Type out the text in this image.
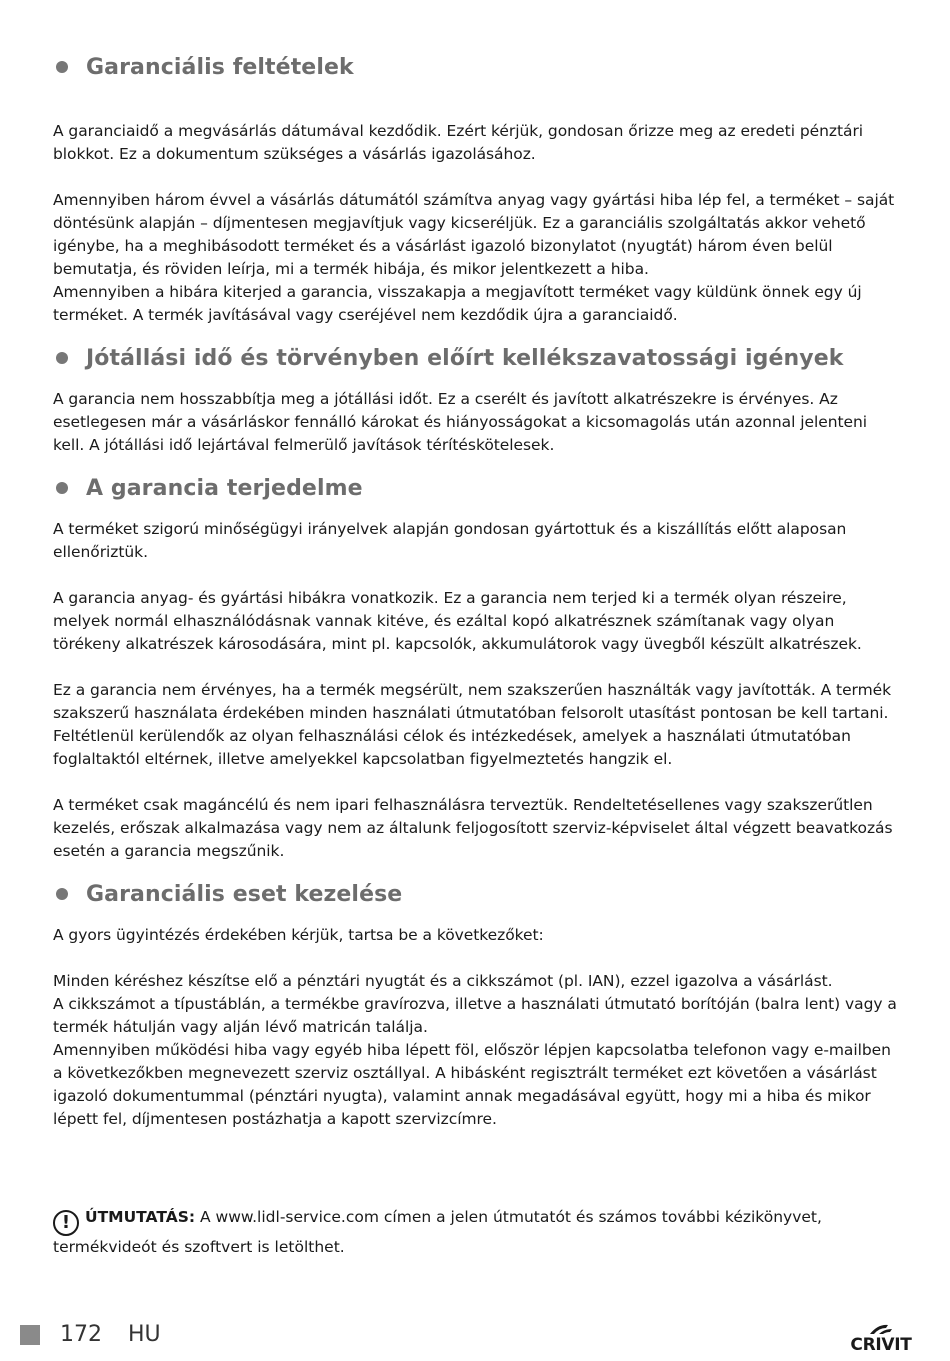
Garanciális feltételek

A garanciaidő a megvásárlás dátumával kezdődik. Ezért kérjük, gondosan őrizze meg az eredeti pénztári blokkot. Ez a dokumentum szükséges a vásárlás igazolásához.

Amennyiben három évvel a vásárlás dátumától számítva anyag vagy gyártási hiba lép fel, a terméket – saját döntésünk alapján – díjmentesen megjavítjuk vagy kicseréljük. Ez a garanciális szolgáltatás akkor vehető igénybe, ha a meghibásodott terméket és a vásárlást igazoló bizonylatot (nyugtát) három éven belül bemutatja, és röviden leírja, mi a termék hibája, és mikor jelentkezett a hiba.
Amennyiben a hibára kiterjed a garancia, visszakapja a megjavított terméket vagy küldünk önnek egy új terméket. A termék javításával vagy cseréjével nem kezdődik újra a garanciaidő.

Jótállási idő és törvényben előírt kellékszavatossági igények

A garancia nem hosszabbítja meg a jótállási időt. Ez a cserélt és javított alkatrészekre is érvényes. Az esetlegesen már a vásárláskor fennálló károkat és hiányosságokat a kicsomagolás után azonnal jelenteni kell. A jótállási idő lejártával felmerülő javítások térítéskötelesek.

A garancia terjedelme

A terméket szigorú minőségügyi irányelvek alapján gondosan gyártottuk és a kiszállítás előtt alaposan ellenőriztük.

A garancia anyag- és gyártási hibákra vonatkozik. Ez a garancia nem terjed ki a termék olyan részeire, melyek normál elhasználódásnak vannak kitéve, és ezáltal kopó alkatrésznek számítanak vagy olyan törékeny alkatrészek károsodására, mint pl. kapcsolók, akkumulátorok vagy üvegből készült alkatrészek.

Ez a garancia nem érvényes, ha a termék megsérült, nem szakszerűen használták vagy javították. A termék szakszerű használata érdekében minden használati útmutatóban felsorolt utasítást pontosan be kell tartani. Feltétlenül kerülendők az olyan felhasználási célok és intézkedések, amelyek a használati útmutatóban foglaltaktól eltérnek, illetve amelyekkel kapcsolatban figyelmeztetés hangzik el.

A terméket csak magáncélú és nem ipari felhasználásra terveztük. Rendeltetésellenes vagy szakszerűtlen kezelés, erőszak alkalmazása vagy nem az általunk feljogosított szerviz-képviselet által végzett beavatkozás esetén a garancia megszűnik.

Garanciális eset kezelése

A gyors ügyintézés érdekében kérjük, tartsa be a következőket:

Minden kéréshez készítse elő a pénztári nyugtát és a cikkszámot (pl. IAN), ezzel igazolva a vásárlást.
A cikkszámot a típustáblán, a termékbe gravírozva, illetve a használati útmutató borítóján (balra lent) vagy a termék hátulján vagy alján lévő matricán találja.
Amennyiben működési hiba vagy egyéb hiba lépett föl, először lépjen kapcsolatba telefonon vagy e-mailben a következőkben megnevezett szerviz osztállyal. A hibásként regisztrált terméket ezt követően a vásárlást igazoló dokumentummal (pénztári nyugta), valamint annak megadásával együtt, hogy mi a hiba és mikor lépett fel, díjmentesen postázhatja a kapott szervizcímre.

! ÚTMUTATÁS: A www.lidl-service.com címen a jelen útmutatót és számos további kézikönyvet, termékvideót és szoftvert is letölthet.
172 HU	CRIVIT
